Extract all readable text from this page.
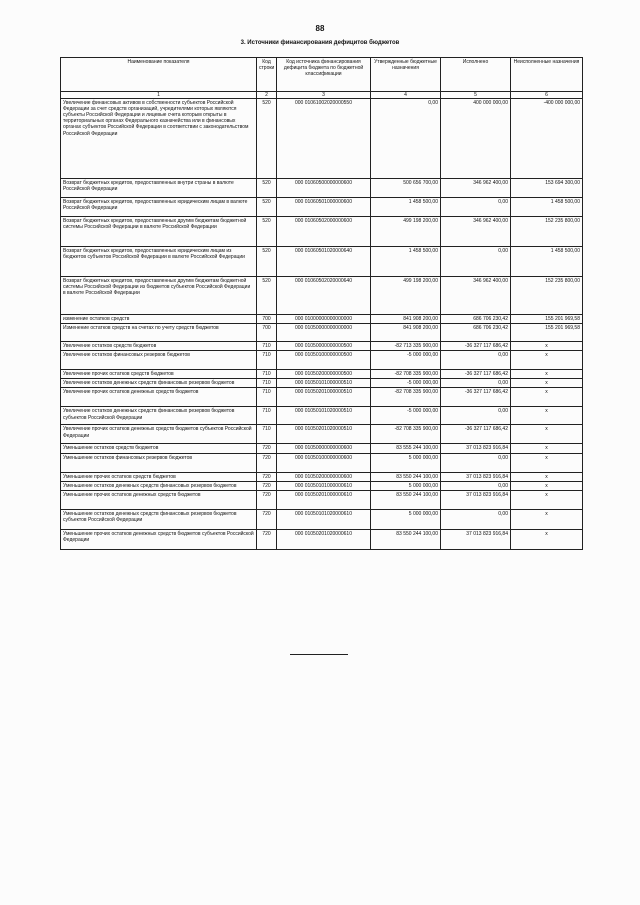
88
3. Источники финансирования дефицитов бюджетов
Наименование показателя	Код строки	Код источника финансирования дефицита бюджета по бюджетной классификации	Утвержденные бюджетные назначения	Исполнено	Неисполненные назначения
1	2	3	4	5	6
Увеличение финансовых активов в собственности субъектов Российской Федерации за счет средств организаций, учредителями которых являются субъекты Российской Федерации и лицевые счета которым открыты в территориальных органах Федерального казначейства или в финансовых органах субъектов Российской Федерации в соответствии с законодательством Российской Федерации	520	000 01061002020000550	0,00	400 000 000,00	-400 000 000,00
Возврат бюджетных кредитов, предоставленных внутри страны в валюте Российской Федерации	520	000 01060500000000600	500 656 700,00	346 962 400,00	153 694 300,00
Возврат бюджетных кредитов, предоставленных юридическим лицам в валюте Российской Федерации	520	000 01060501000000600	1 458 500,00	0,00	1 458 500,00
Возврат бюджетных кредитов, предоставленных другим бюджетам бюджетной системы Российской Федерации в валюте Российской Федерации	520	000 01060502000000600	499 198 200,00	346 962 400,00	152 235 800,00
Возврат бюджетных кредитов, предоставленных юридическим лицам из бюджетов субъектов Российской Федерации в валюте Российской Федерации	520	000 01060501020000640	1 458 500,00	0,00	1 458 500,00
Возврат бюджетных кредитов, предоставленных другим бюджетам бюджетной системы Российской Федерации из бюджетов субъектов Российской Федерации в валюте Российской Федерации	520	000 01060502020000640	499 198 200,00	346 962 400,00	152 235 800,00
изменение остатков средств	700	000 01000000000000000	841 908 200,00	686 706 230,42	155 201 969,58
Изменение остатков средств на счетах по учету средств бюджетов	700	000 01050000000000000	841 908 200,00	686 706 230,42	155 201 969,58
Увеличение остатков средств бюджетов	710	000 01050000000000500	-82 713 335 900,00	-36 327 117 686,42	x
Увеличение остатков финансовых резервов бюджетов	710	000 01050100000000500	-5 000 000,00	0,00	x
Увеличение прочих остатков средств бюджетов	710	000 01050200000000500	-82 708 335 900,00	-36 327 117 686,42	x
Увеличение остатков денежных средств финансовых резервов бюджетов	710	000 01050101000000510	-5 000 000,00	0,00	x
Увеличение прочих остатков денежных средств бюджетов	710	000 01050201000000510	-82 708 335 900,00	-36 327 117 686,42	x
Увеличение остатков денежных средств финансовых резервов бюджетов субъектов Российской Федерации	710	000 01050101020000510	-5 000 000,00	0,00	x
Увеличение прочих остатков денежных средств бюджетов субъектов Российской Федерации	710	000 01050201020000510	-82 708 335 900,00	-36 327 117 686,42	x
Уменьшение остатков средств бюджетов	720	000 01050000000000600	83 555 244 100,00	37 013 823 916,84	x
Уменьшение остатков финансовых резервов бюджетов	720	000 01050100000000600	5 000 000,00	0,00	x
Уменьшение прочих остатков средств бюджетов	720	000 01050200000000600	83 550 244 100,00	37 013 823 916,84	x
Уменьшение остатков денежных средств финансовых резервов бюджетов	720	000 01050101000000610	5 000 000,00	0,00	x
Уменьшение прочих остатков денежных средств бюджетов	720	000 01050201000000610	83 550 244 100,00	37 013 823 916,84	x
Уменьшение остатков денежных средств финансовых резервов бюджетов субъектов Российской Федерации	720	000 01050101020000610	5 000 000,00	0,00	x
Уменьшение прочих остатков денежных средств бюджетов субъектов Российской Федерации	720	000 01050201020000610	83 550 244 100,00	37 013 823 916,84	x
